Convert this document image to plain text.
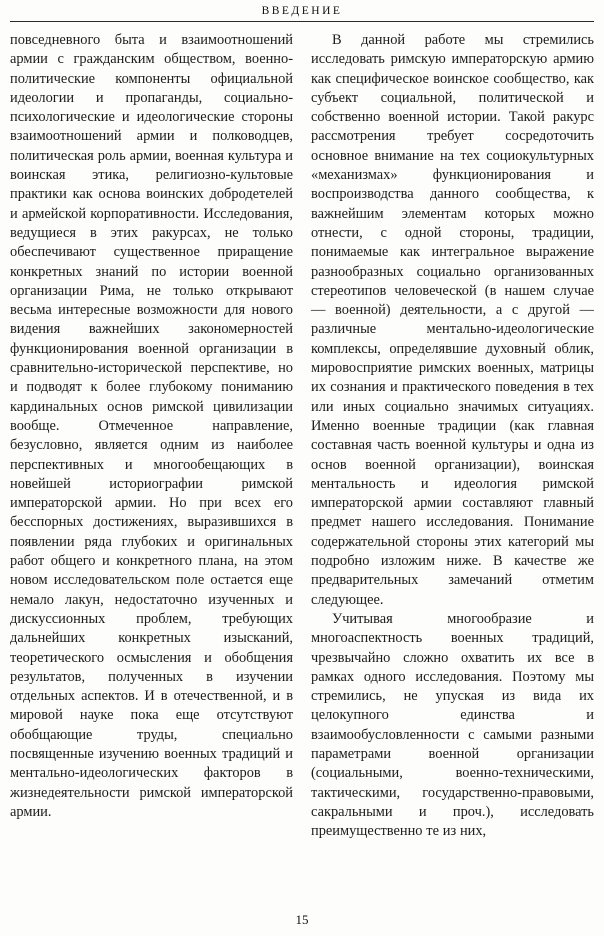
ВВЕДЕНИЕ

повседневного быта и взаимоотношений армии с гражданским обществом, военно-политические компоненты официальной идеологии и пропаганды, социально-психологические и идеологические стороны взаимоотношений армии и полководцев, политическая роль армии, военная культура и воинская этика, религиозно-культовые практики как основа воинских добродетелей и армейской корпоративности. Исследования, ведущиеся в этих ракурсах, не только обеспечивают существенное приращение конкретных знаний по истории военной организации Рима, не только открывают весьма интересные возможности для нового видения важнейших закономерностей функционирования военной организации в сравнительно-исторической перспективе, но и подводят к более глубокому пониманию кардинальных основ римской цивилизации вообще. Отмеченное направление, безусловно, является одним из наиболее перспективных и многообещающих в новейшей историографии римской императорской армии. Но при всех его бесспорных достижениях, выразившихся в появлении ряда глубоких и оригинальных работ общего и конкретного плана, на этом новом исследовательском поле остается еще немало лакун, недостаточно изученных и дискуссионных проблем, требующих дальнейших конкретных изысканий, теоретического осмысления и обобщения результатов, полученных в изучении отдельных аспектов. И в отечественной, и в мировой науке пока еще отсутствуют обобщающие труды, специально посвященные изучению военных традиций и ментально-идеологических факторов в жизнедеятельности римской императорской армии.

В данной работе мы стремились исследовать римскую императорскую армию как специфическое воинское сообщество, как субъект социальной, политической и собственно военной истории. Такой ракурс рассмотрения требует сосредоточить основное внимание на тех социокультурных «механизмах» функционирования и воспроизводства данного сообщества, к важнейшим элементам которых можно отнести, с одной стороны, традиции, понимаемые как интегральное выражение разнообразных социально организованных стереотипов человеческой (в нашем случае — военной) деятельности, а с другой — различные ментально-идеологические комплексы, определявшие духовный облик, мировосприятие римских военных, матрицы их сознания и практического поведения в тех или иных социально значимых ситуациях. Именно военные традиции (как главная составная часть военной культуры и одна из основ военной организации), воинская ментальность и идеология римской императорской армии составляют главный предмет нашего исследования. Понимание содержательной стороны этих категорий мы подробно изложим ниже. В качестве же предварительных замечаний отметим следующее.

Учитывая многообразие и многоаспектность военных традиций, чрезвычайно сложно охватить их все в рамках одного исследования. Поэтому мы стремились, не упуская из вида их целокупного единства и взаимообусловленности с самыми разными параметрами военной организации (социальными, военно-техническими, тактическими, государственно-правовыми, сакральными и проч.), исследовать преимущественно те из них,

15
